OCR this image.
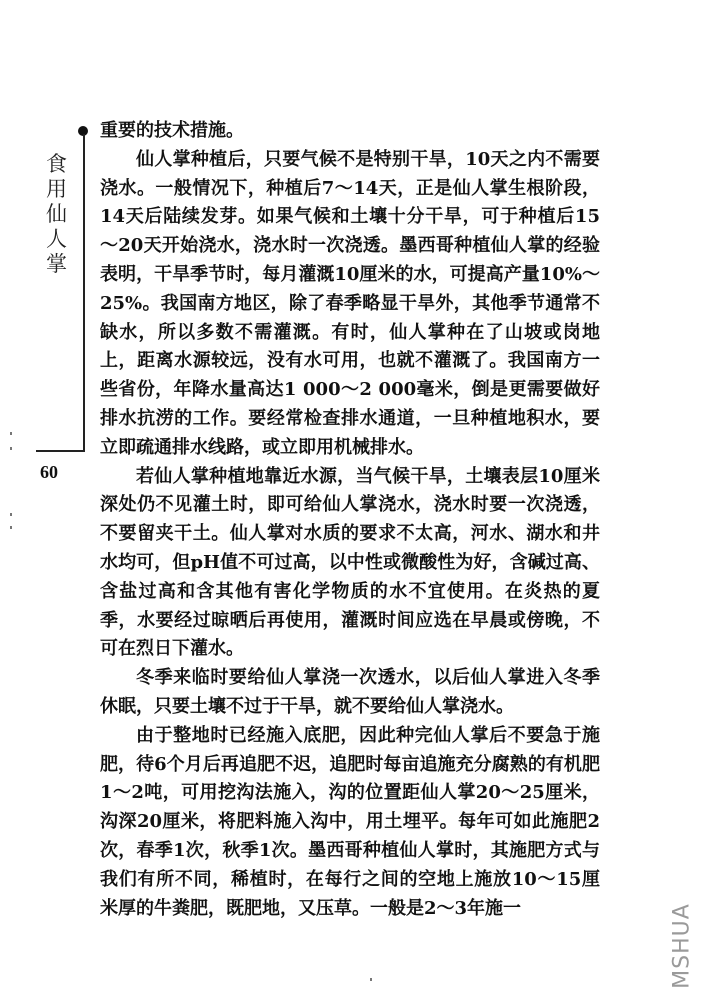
食用仙人掌
60

重要的技术措施。

仙人掌种植后，只要气候不是特别干旱，10天之内不需要浇水。一般情况下，种植后7～14天，正是仙人掌生根阶段，14天后陆续发芽。如果气候和土壤十分干旱，可于种植后15～20天开始浇水，浇水时一次浇透。墨西哥种植仙人掌的经验表明，干旱季节时，每月灌溉10厘米的水，可提高产量10%～25%。我国南方地区，除了春季略显干旱外，其他季节通常不缺水，所以多数不需灌溉。有时，仙人掌种在了山坡或岗地上，距离水源较远，没有水可用，也就不灌溉了。我国南方一些省份，年降水量高达1 000～2 000毫米，倒是更需要做好排水抗涝的工作。要经常检查排水通道，一旦种植地积水，要立即疏通排水线路，或立即用机械排水。

若仙人掌种植地靠近水源，当气候干旱，土壤表层10厘米深处仍不见灌土时，即可给仙人掌浇水，浇水时要一次浇透，不要留夹干土。仙人掌对水质的要求不太高，河水、湖水和井水均可，但pH值不可过高，以中性或微酸性为好，含碱过高、含盐过高和含其他有害化学物质的水不宜使用。在炎热的夏季，水要经过晾晒后再使用，灌溉时间应选在早晨或傍晚，不可在烈日下灌水。

冬季来临时要给仙人掌浇一次透水，以后仙人掌进入冬季休眠，只要土壤不过于干旱，就不要给仙人掌浇水。

由于整地时已经施入底肥，因此种完仙人掌后不要急于施肥，待6个月后再追肥不迟，追肥时每亩追施充分腐熟的有机肥1～2吨，可用挖沟法施入，沟的位置距仙人掌20～25厘米，沟深20厘米，将肥料施入沟中，用土埋平。每年可如此施肥2次，春季1次，秋季1次。墨西哥种植仙人掌时，其施肥方式与我们有所不同，稀植时，在每行之间的空地上施放10～15厘米厚的牛粪肥，既肥地，又压草。一般是2～3年施一	MSHUA
